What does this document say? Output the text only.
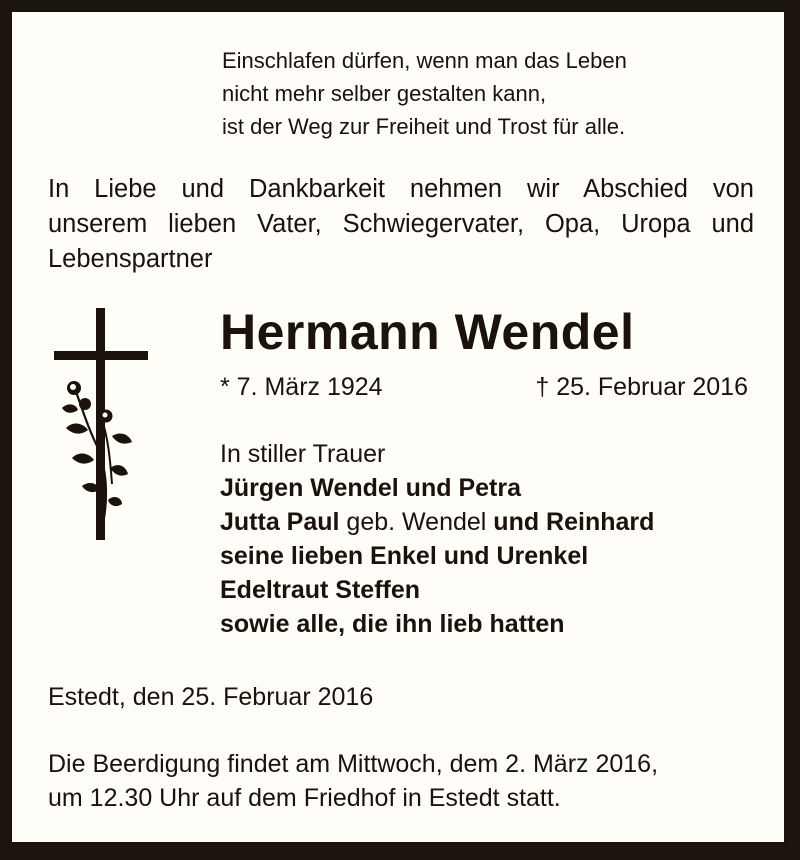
Einschlafen dürfen, wenn man das Leben
nicht mehr selber gestalten kann,
ist der Weg zur Freiheit und Trost für alle.
In Liebe und Dankbarkeit nehmen wir Abschied von
unserem lieben Vater, Schwiegervater, Opa, Uropa und
Lebenspartner
Hermann Wendel
* 7. März 1924	† 25. Februar 2016
In stiller Trauer
Jürgen Wendel und Petra
Jutta Paul geb. Wendel und Reinhard
seine lieben Enkel und Urenkel
Edeltraut Steffen
sowie alle, die ihn lieb hatten
Estedt, den 25. Februar 2016
Die Beerdigung findet am Mittwoch, dem 2. März 2016,
um 12.30 Uhr auf dem Friedhof in Estedt statt.
